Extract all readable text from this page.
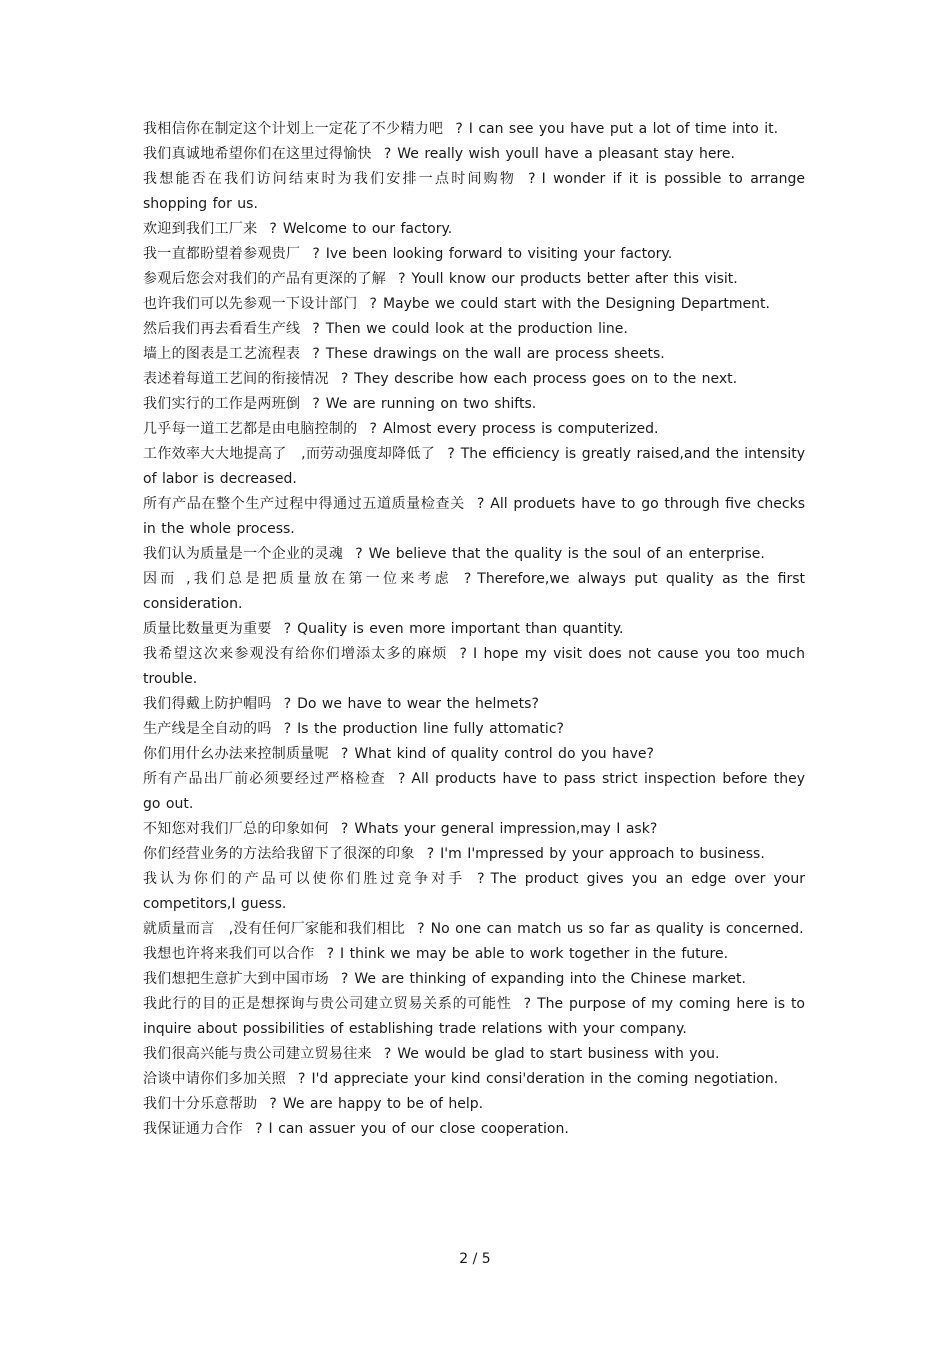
我相信你在制定这个计划上一定花了不少精力吧 ? I can see you have put a lot of time into it.
我们真诚地希望你们在这里过得愉快 ? We really wish youll have a pleasant stay here.
我想能否在我们访问结束时为我们安排一点时间购物 ? I wonder if it is possible to arrange shopping for us.
欢迎到我们工厂来 ? Welcome to our factory.
我一直都盼望着参观贵厂 ? Ive been looking forward to visiting your factory.
参观后您会对我们的产品有更深的了解 ? Youll know our products better after this visit.
也许我们可以先参观一下设计部门 ? Maybe we could start with the Designing Department.
然后我们再去看看生产线 ? Then we could look at the production line.
墙上的图表是工艺流程表 ? These drawings on the wall are process sheets.
表述着每道工艺间的衔接情况 ? They describe how each process goes on to the next.
我们实行的工作是两班倒 ? We are running on two shifts.
几乎每一道工艺都是由电脑控制的 ? Almost every process is computerized.
工作效率大大地提高了　,而劳动强度却降低了 ? The efficiency is greatly raised,and the intensity of labor is decreased.
所有产品在整个生产过程中得通过五道质量检查关 ? All produets have to go through five checks in the whole process.
我们认为质量是一个企业的灵魂 ? We believe that the quality is the soul of an enterprise.
因而 ,我们总是把质量放在第一位来考虑 ? Therefore,we always put quality as the first consideration.
质量比数量更为重要 ? Quality is even more important than quantity.
我希望这次来参观没有给你们增添太多的麻烦 ? I hope my visit does not cause you too much trouble.
我们得戴上防护帽吗 ? Do we have to wear the helmets?
生产线是全自动的吗 ? Is the production line fully attomatic?
你们用什幺办法来控制质量呢 ? What kind of quality control do you have?
所有产品出厂前必须要经过严格检查 ? All products have to pass strict inspection before they go out.
不知您对我们厂总的印象如何 ? Whats your general impression,may I ask?
你们经营业务的方法给我留下了很深的印象 ? I'm I'mpressed by your approach to business.
我认为你们的产品可以使你们胜过竞争对手 ? The product gives you an edge over your competitors,I guess.
就质量而言　,没有任何厂家能和我们相比 ? No one can match us so far as quality is concerned.
我想也许将来我们可以合作 ? I think we may be able to work together in the future.
我们想把生意扩大到中国市场 ? We are thinking of expanding into the Chinese market.
我此行的目的正是想探询与贵公司建立贸易关系的可能性 ? The purpose of my coming here is to inquire about possibilities of establishing trade relations with your company.
我们很高兴能与贵公司建立贸易往来 ? We would be glad to start business with you.
洽谈中请你们多加关照 ? I'd appreciate your kind consi'deration in the coming negotiation.
我们十分乐意帮助 ? We are happy to be of help.
我保证通力合作 ? I can assuer you of our close cooperation.
2 / 5
